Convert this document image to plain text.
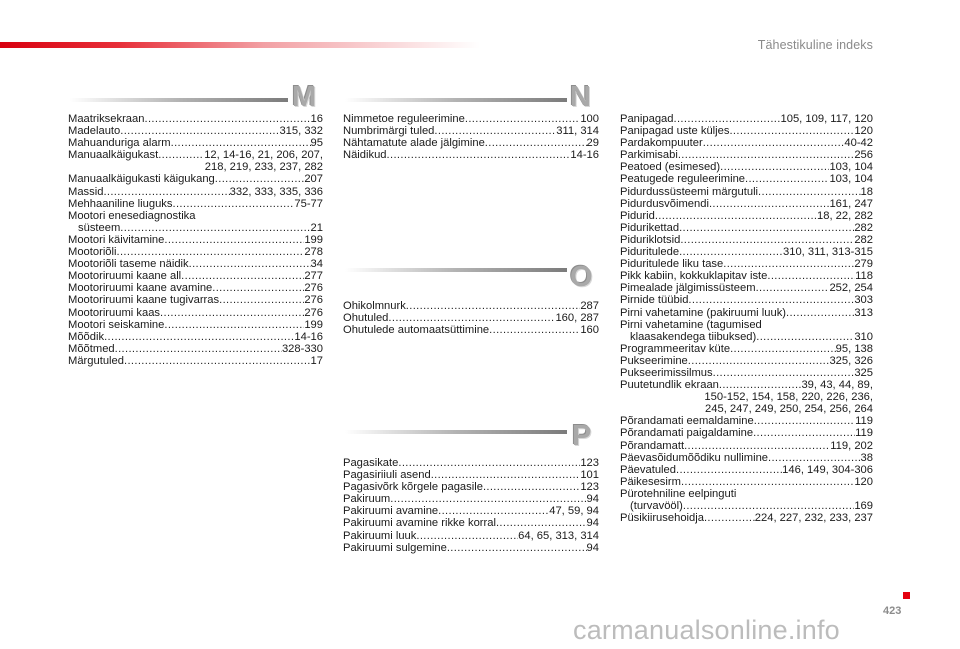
Tähestikuline indeks
M	N
O
P
Maatriksekraan .....	16
Madelauto .....	315, 332
Mahuanduriga alarm .....	95
Manuaalkäigukast .....	12, 14-16, 21, 206, 207,
218, 219, 233, 237, 282
Manuaalkäigukasti käigukang .....	207
Massid .....	332, 333, 335, 336
Mehhaaniline liuguks .....	75-77
Mootori enesediagnostika
süsteem .....	21
Mootori käivitamine .....	199
Mootoriõli .....	278
Mootoriõli taseme näidik .....	34
Mootoriruumi kaane all .....	277
Mootoriruumi kaane avamine .....	276
Mootoriruumi kaane tugivarras .....	276
Mootoriruumi kaas .....	276
Mootori seiskamine .....	199
Mõõdik .....	14-16
Mõõtmed .....	328-330
Märgutuled .....	17
Nimmetoe reguleerimine .....	100
Numbrimärgi tuled .....	311, 314
Nähtamatute alade jälgimine .....	29
Näidikud .....	14-16
Ohikolmnurk .....	287
Ohutuled .....	160, 287
Ohutulede automaatsüttimine .....	160
Pagasikate .....	123
Pagasiriiuli asend .....	101
Pagasivõrk kõrgele pagasile .....	123
Pakiruum .....	94
Pakiruumi avamine .....	47, 59, 94
Pakiruumi avamine rikke korral .....	94
Pakiruumi luuk .....	64, 65, 313, 314
Pakiruumi sulgemine .....	94
Panipagad .....	105, 109, 117, 120
Panipagad uste küljes .....	120
Pardakompuuter .....	40-42
Parkimisabi .....	256
Peatoed (esimesed) .....	103, 104
Peatugede reguleerimine .....	103, 104
Pidurdussüsteemi märgutuli .....	18
Pidurdusvõimendi .....	161, 247
Pidurid .....	18, 22, 282
Pidurikettad .....	282
Piduriklotsid .....	282
Piduritulede .....	310, 311, 313-315
Piduritulede liku tase .....	279
Pikk kabiin, kokkuklapitav iste .....	118
Pimealade jälgimissüsteem .....	252, 254
Pirnide tüübid .....	303
Pirni vahetamine (pakiruumi luuk) .....	313
Pirni vahetamine (tagumised
klaasakendega tiibuksed) .....	310
Programmeeritav küte .....	95, 138
Pukseerimine .....	325, 326
Pukseerimissilmus .....	325
Puutetundlik ekraan .....	39, 43, 44, 89,
150-152, 154, 158, 220, 226, 236,
245, 247, 249, 250, 254, 256, 264
Põrandamati eemaldamine .....	119
Põrandamati paigaldamine .....	119
Põrandamatt .....	119, 202
Päevasõidumõõdiku nullimine .....	38
Päevatuled .....	146, 149, 304-306
Päikesesirm .....	120
Pürotehniline eelpinguti
(turvavööl) .....	169
Püsikiirusehoidja .....	224, 227, 232, 233, 237
423
carmanualsonline.info
